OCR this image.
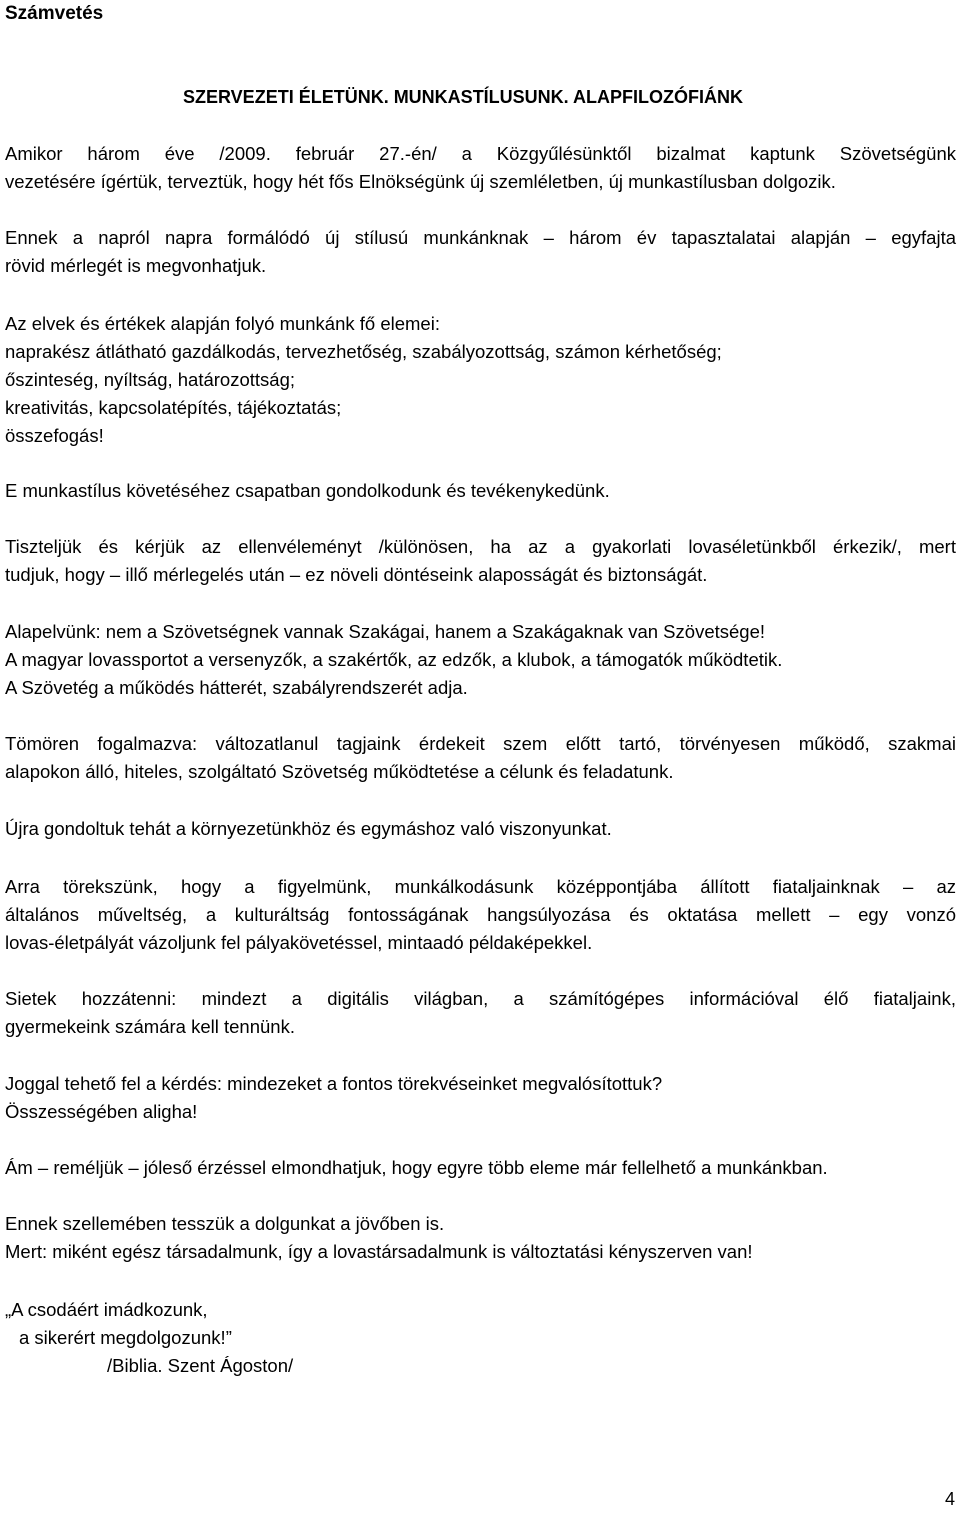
Számvetés
SZERVEZETI ÉLETÜNK. MUNKASTÍLUSUNK. ALAPFILOZÓFIÁNK
Amikor három éve /2009. február 27.-én/ a Közgyűlésünktől bizalmat kaptunk Szövetségünk
vezetésére ígértük, terveztük, hogy hét fős Elnökségünk új szemléletben, új munkastílusban dolgozik.
Ennek a napról napra formálódó új stílusú munkánknak – három év tapasztalatai alapján – egyfajta
rövid mérlegét is megvonhatjuk.
Az elvek és értékek alapján folyó munkánk fő elemei:
naprakész átlátható gazdálkodás, tervezhetőség, szabályozottság, számon kérhetőség;
őszinteség, nyíltság, határozottság;
kreativitás, kapcsolatépítés, tájékoztatás;
összefogás!
E munkastílus követéséhez csapatban gondolkodunk és tevékenykedünk.
Tiszteljük és kérjük az ellenvéleményt /különösen, ha az a gyakorlati lovaséletünkből érkezik/, mert
tudjuk, hogy – illő mérlegelés után – ez növeli döntéseink alaposságát és biztonságát.
Alapelvünk: nem a Szövetségnek vannak Szakágai, hanem a Szakágaknak van Szövetsége!
A magyar lovassportot a versenyzők, a szakértők, az edzők, a klubok, a támogatók működtetik.
A Szövetég a működés hátterét, szabályrendszerét adja.
Tömören fogalmazva: változatlanul tagjaink érdekeit szem előtt tartó, törvényesen működő, szakmai
alapokon álló, hiteles, szolgáltató Szövetség működtetése a célunk és feladatunk.
Újra gondoltuk tehát a környezetünkhöz és egymáshoz való viszonyunkat.
Arra törekszünk, hogy a figyelmünk, munkálkodásunk középpontjába állított fiataljainknak – az
általános műveltség, a kulturáltság fontosságának hangsúlyozása és oktatása mellett – egy vonzó
lovas-életpályát vázoljunk fel pályakövetéssel, mintaadó példaképekkel.
Sietek hozzátenni: mindezt a digitális világban, a számítógépes információval élő fiataljaink,
gyermekeink számára kell tennünk.
Joggal tehető fel a kérdés: mindezeket a fontos törekvéseinket megvalósítottuk?
Összességében aligha!
Ám – reméljük – jóleső érzéssel elmondhatjuk, hogy egyre több eleme már fellelhető a munkánkban.
Ennek szellemében tesszük a dolgunkat a jövőben is.
Mert: miként egész társadalmunk, így a lovastársadalmunk is változtatási kényszerven van!
„A csodáért imádkozunk,
a sikerért megdolgozunk!”
/Biblia. Szent Ágoston/
4
